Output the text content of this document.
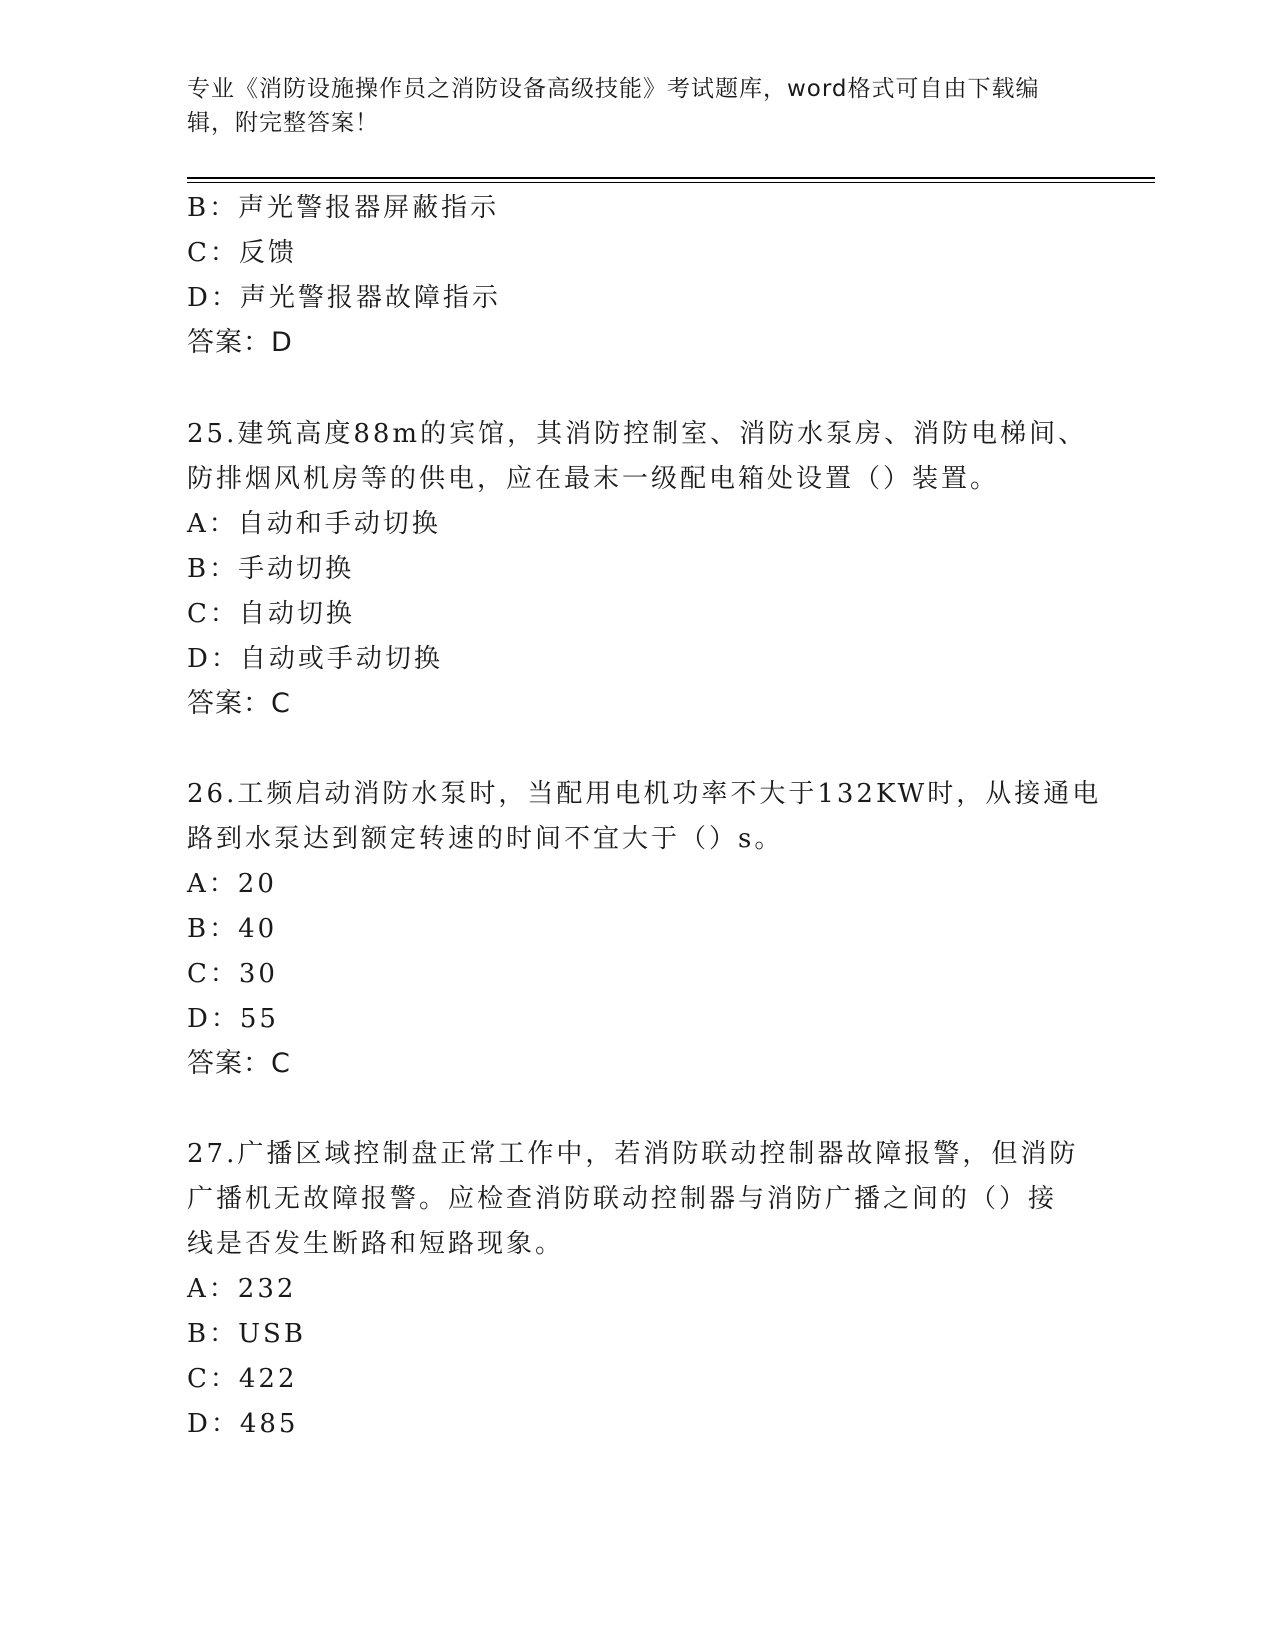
专业《消防设施操作员之消防设备高级技能》考试题库，word格式可自由下载编
辑，附完整答案！
B：声光警报器屏蔽指示
C：反馈
D：声光警报器故障指示
答案：D
25.建筑高度88m的宾馆，其消防控制室、消防水泵房、消防电梯间、
防排烟风机房等的供电，应在最末一级配电箱处设置（）装置。
A：自动和手动切换
B：手动切换
C：自动切换
D：自动或手动切换
答案：C
26.工频启动消防水泵时，当配用电机功率不大于132KW时，从接通电
路到水泵达到额定转速的时间不宜大于（）s。
A：20
B：40
C：30
D：55
答案：C
27.广播区域控制盘正常工作中，若消防联动控制器故障报警，但消防
广播机无故障报警。应检查消防联动控制器与消防广播之间的（）接
线是否发生断路和短路现象。
A：232
B：USB
C：422
D：485
